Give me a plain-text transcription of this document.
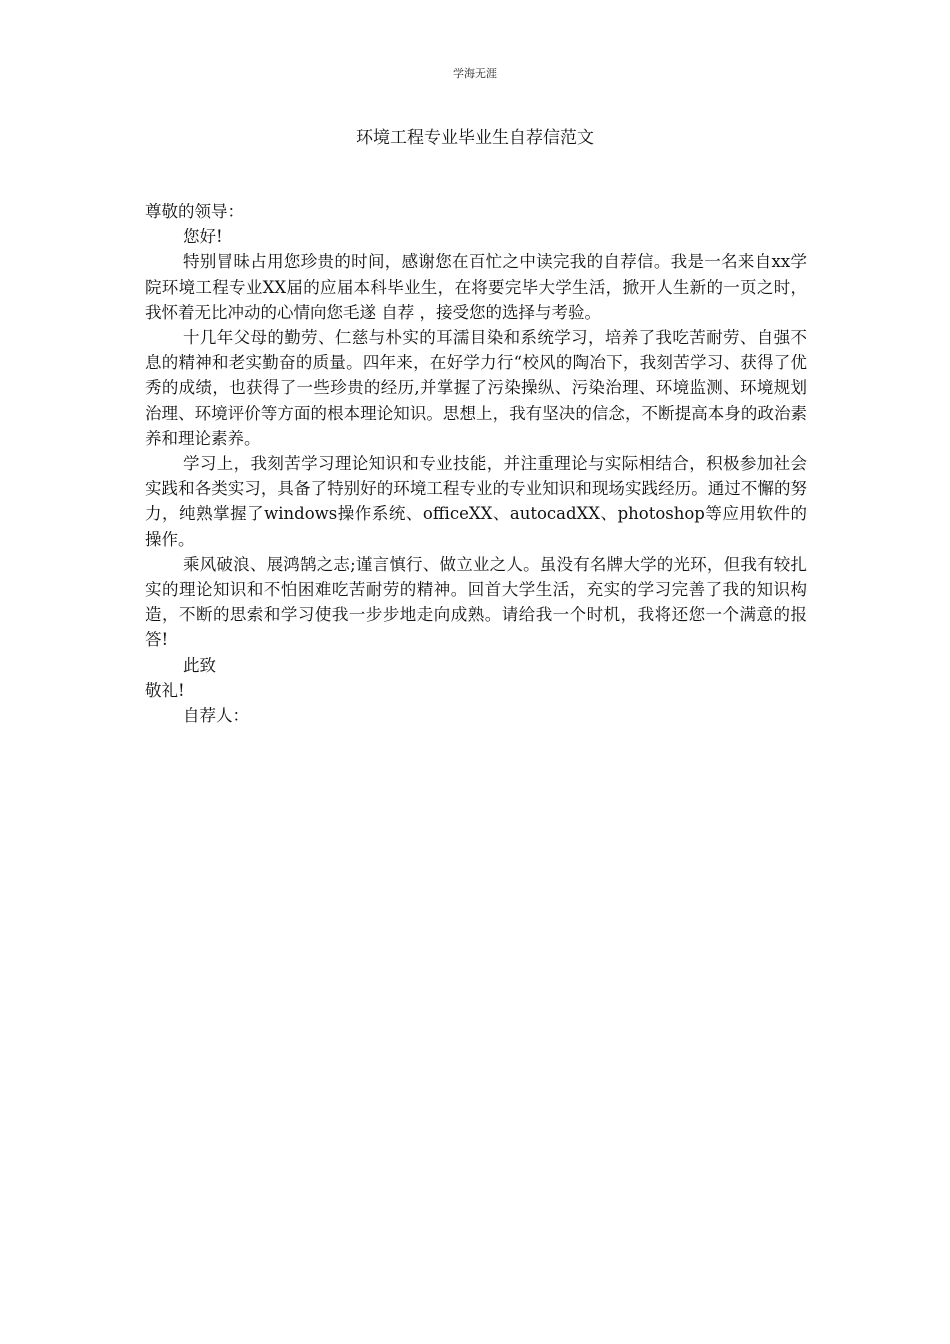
学海无涯
环境工程专业毕业生自荐信范文

尊敬的领导：

您好!

特别冒昧占用您珍贵的时间，感谢您在百忙之中读完我的自荐信。我是一名来自xx学院环境工程专业XX届的应届本科毕业生，在将要完毕大学生活，掀开人生新的一页之时，我怀着无比冲动的心情向您毛遂 自荐 ，接受您的选择与考验。

十几年父母的勤劳、仁慈与朴实的耳濡目染和系统学习，培养了我吃苦耐劳、自强不息的精神和老实勤奋的质量。四年来，在好学力行“校风的陶冶下，我刻苦学习、获得了优秀的成绩，也获得了一些珍贵的经历,并掌握了污染操纵、污染治理、环境监测、环境规划治理、环境评价等方面的根本理论知识。思想上，我有坚决的信念，不断提高本身的政治素养和理论素养。

学习上，我刻苦学习理论知识和专业技能，并注重理论与实际相结合，积极参加社会实践和各类实习，具备了特别好的环境工程专业的专业知识和现场实践经历。通过不懈的努力，纯熟掌握了windows操作系统、officeXX、autocadXX、photoshop等应用软件的操作。

乘风破浪、展鸿鹄之志;谨言慎行、做立业之人。虽没有名牌大学的光环，但我有较扎实的理论知识和不怕困难吃苦耐劳的精神。回首大学生活，充实的学习完善了我的知识构造，不断的思索和学习使我一步步地走向成熟。请给我一个时机，我将还您一个满意的报答!

此致

敬礼!

自荐人：
